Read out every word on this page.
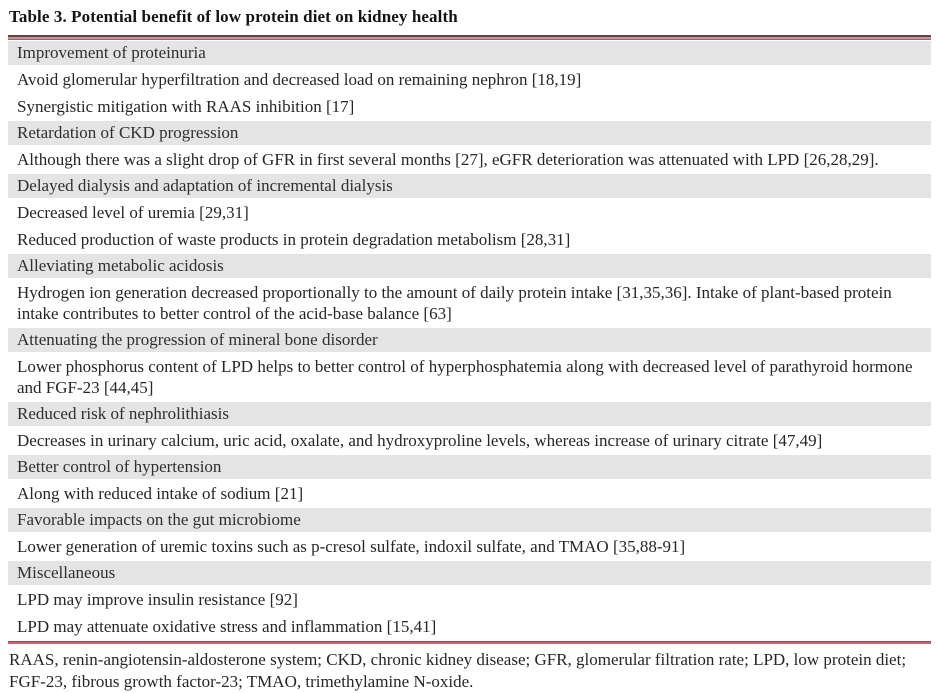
Table 3. Potential benefit of low protein diet on kidney health
Improvement of proteinuria
Avoid glomerular hyperfiltration and decreased load on remaining nephron [18,19]
Synergistic mitigation with RAAS inhibition [17]
Retardation of CKD progression
Although there was a slight drop of GFR in first several months [27], eGFR deterioration was attenuated with LPD [26,28,29].
Delayed dialysis and adaptation of incremental dialysis
Decreased level of uremia [29,31]
Reduced production of waste products in protein degradation metabolism [28,31]
Alleviating metabolic acidosis
Hydrogen ion generation decreased proportionally to the amount of daily protein intake [31,35,36]. Intake of plant-based protein intake contributes to better control of the acid-base balance [63]
Attenuating the progression of mineral bone disorder
Lower phosphorus content of LPD helps to better control of hyperphosphatemia along with decreased level of parathyroid hormone and FGF-23 [44,45]
Reduced risk of nephrolithiasis
Decreases in urinary calcium, uric acid, oxalate, and hydroxyproline levels, whereas increase of urinary citrate [47,49]
Better control of hypertension
Along with reduced intake of sodium [21]
Favorable impacts on the gut microbiome
Lower generation of uremic toxins such as p-cresol sulfate, indoxil sulfate, and TMAO [35,88-91]
Miscellaneous
LPD may improve insulin resistance [92]
LPD may attenuate oxidative stress and inflammation [15,41]
RAAS, renin-angiotensin-aldosterone system; CKD, chronic kidney disease; GFR, glomerular filtration rate; LPD, low protein diet; FGF-23, fibrous growth factor-23; TMAO, trimethylamine N-oxide.
